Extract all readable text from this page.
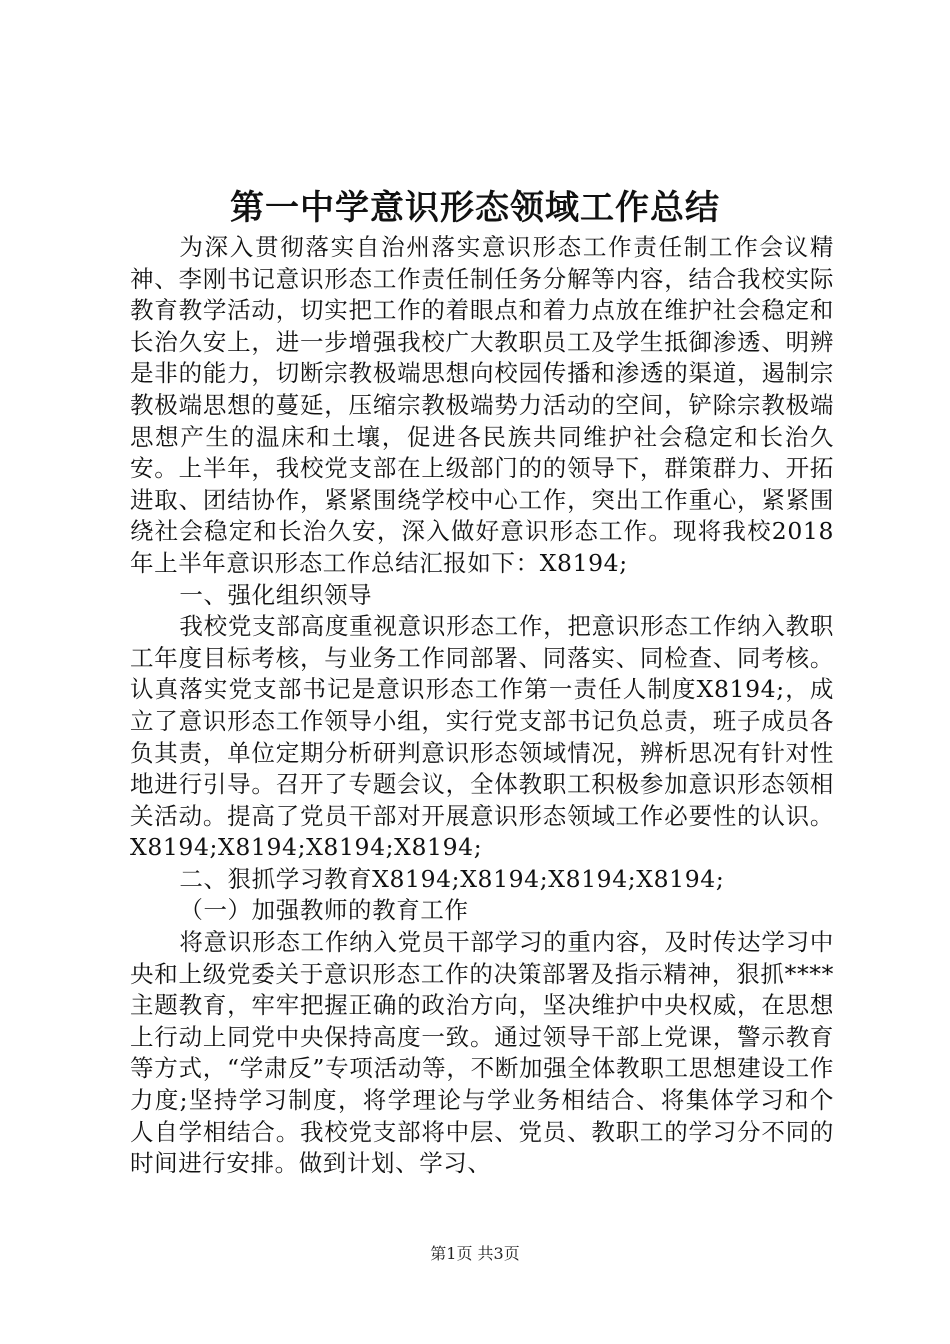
第一中学意识形态领域工作总结

为深入贯彻落实自治州落实意识形态工作责任制工作会议精神、李刚书记意识形态工作责任制任务分解等内容，结合我校实际教育教学活动，切实把工作的着眼点和着力点放在维护社会稳定和长治久安上，进一步增强我校广大教职员工及学生抵御渗透、明辨是非的能力，切断宗教极端思想向校园传播和渗透的渠道，遏制宗教极端思想的蔓延，压缩宗教极端势力活动的空间，铲除宗教极端思想产生的温床和土壤，促进各民族共同维护社会稳定和长治久安。上半年，我校党支部在上级部门的的领导下，群策群力、开拓进取、团结协作，紧紧围绕学校中心工作，突出工作重心，紧紧围绕社会稳定和长治久安，深入做好意识形态工作。现将我校2018年上半年意识形态工作总结汇报如下：X8194;

一、强化组织领导

我校党支部高度重视意识形态工作，把意识形态工作纳入教职工年度目标考核，与业务工作同部署、同落实、同检查、同考核。认真落实党支部书记是意识形态工作第一责任人制度X8194;，成立了意识形态工作领导小组，实行党支部书记负总责，班子成员各负其责，单位定期分析研判意识形态领域情况，辨析思况有针对性地进行引导。召开了专题会议，全体教职工积极参加意识形态领相关活动。提高了党员干部对开展意识形态领域工作必要性的认识。X8194;X8194;X8194;X8194;

二、狠抓学习教育X8194;X8194;X8194;X8194;

（一）加强教师的教育工作

将意识形态工作纳入党员干部学习的重内容，及时传达学习中央和上级党委关于意识形态工作的决策部署及指示精神，狠抓****主题教育，牢牢把握正确的政治方向，坚决维护中央权威，在思想上行动上同党中央保持高度一致。通过领导干部上党课，警示教育等方式，“学肃反”专项活动等，不断加强全体教职工思想建设工作力度;坚持学习制度，将学理论与学业务相结合、将集体学习和个人自学相结合。我校党支部将中层、党员、教职工的学习分不同的时间进行安排。做到计划、学习、

第1页 共3页
